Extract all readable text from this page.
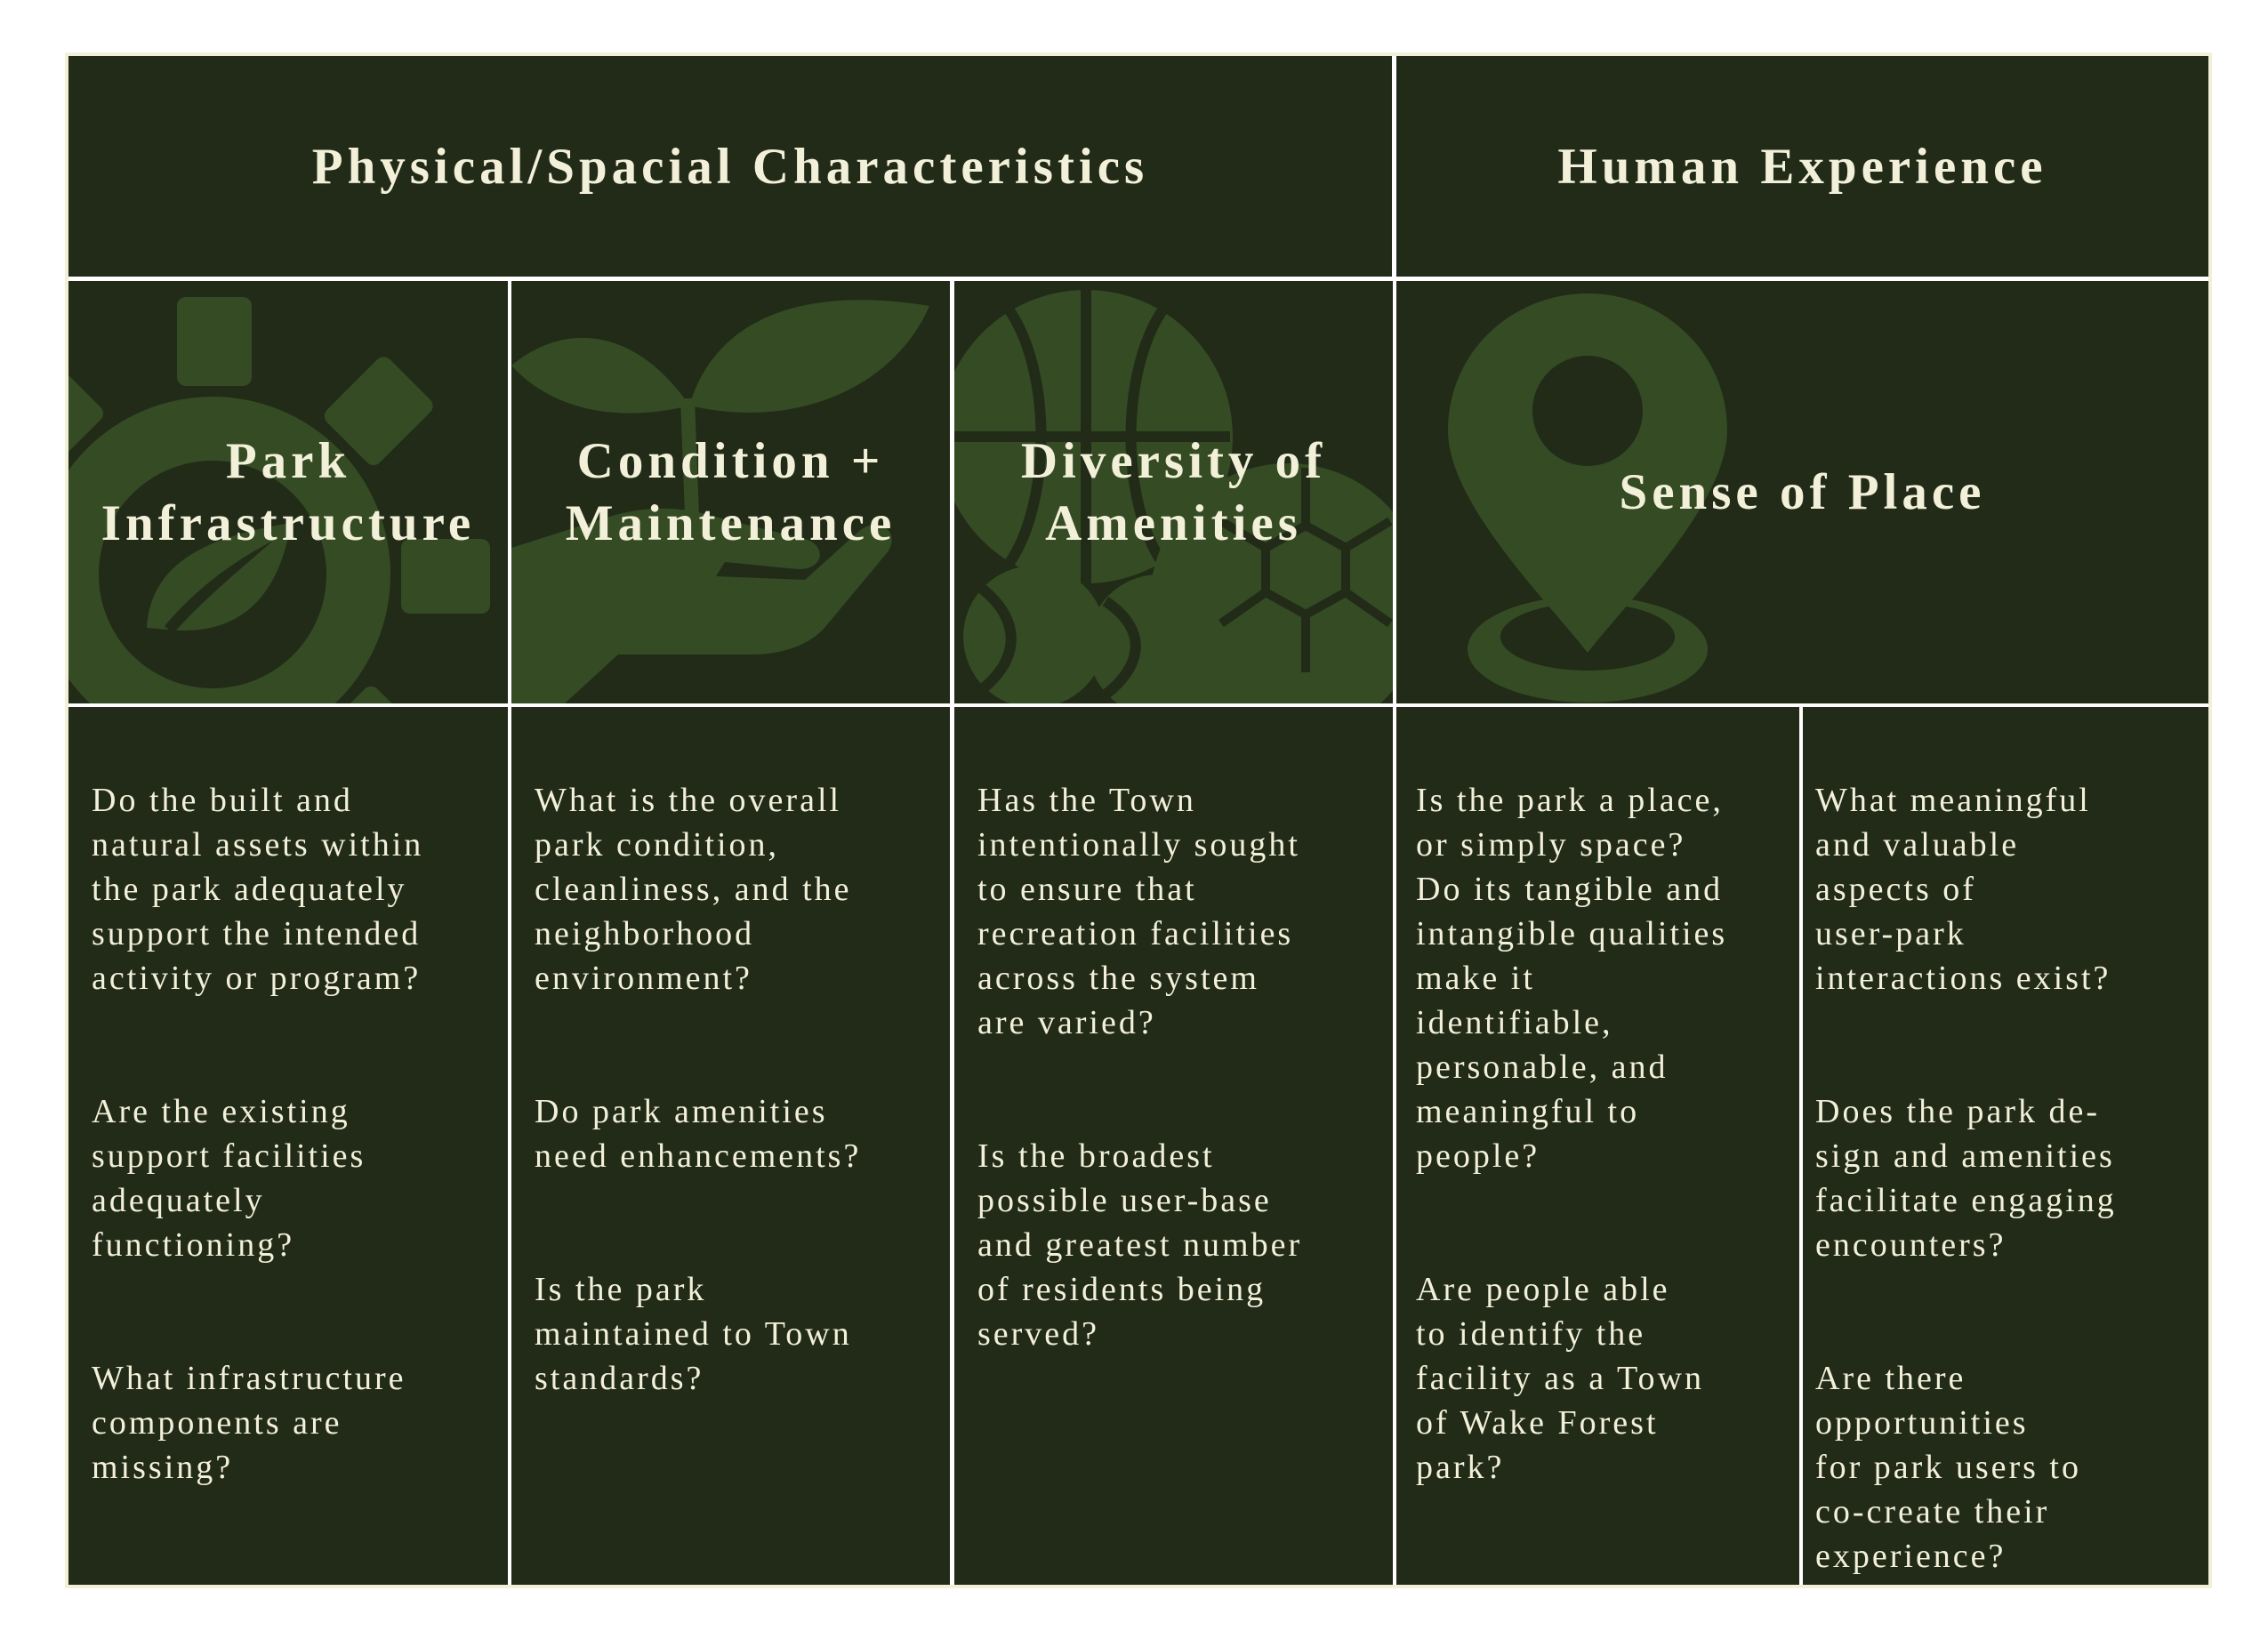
Physical/Spacial Characteristics	Human Experience
Park
Infrastructure
Condition +
Maintenance
Diversity of
Amenities
Sense of Place

Do the built and
natural assets within
the park adequately
support the intended
activity or program?

Are the existing
support facilities
adequately
functioning?

What infrastructure
components are
missing?

What is the overall
park condition,
cleanliness, and the
neighborhood
environment?

Do park amenities
need enhancements?

Is the park
maintained to Town
standards?

Has the Town
intentionally sought
to ensure that
recreation facilities
across the system
are varied?

Is the broadest
possible user-base
and greatest number
of residents being
served?

Is the park a place,
or simply space?
Do its tangible and
intangible qualities
make it
identifiable,
personable, and
meaningful to
people?

Are people able
to identify the
facility as a Town
of Wake Forest
park?

What meaningful
and valuable
aspects of
user-park
interactions exist?

Does the park de-
sign and amenities
facilitate engaging
encounters?

Are there
opportunities
for park users to
co-create their
experience?
